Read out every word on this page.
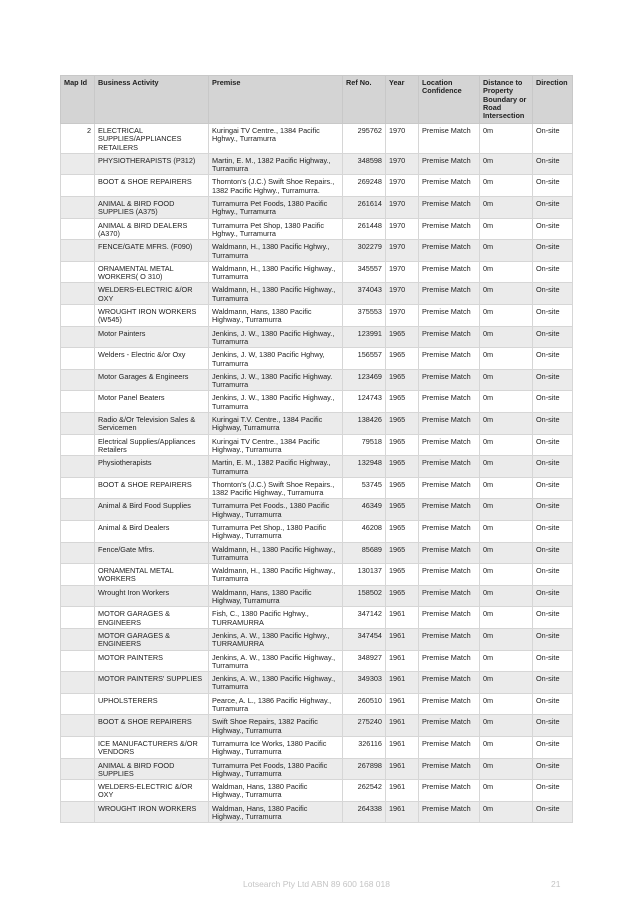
Map Id	Business Activity	Premise	Ref No.	Year	Location Confidence	Distance to Property Boundary or Road Intersection	Direction
2	ELECTRICAL SUPPLIES/APPLIANCES RETAILERS	Kuringai TV Centre., 1384 Pacific Hghwy., Turramurra	295762	1970	Premise Match	0m	On-site
	PHYSIOTHERAPISTS (P312)	Martin, E. M., 1382 Pacific Highway., Turramurra	348598	1970	Premise Match	0m	On-site
	BOOT & SHOE REPAIRERS	Thornton's (J.C.) Swift Shoe Repairs., 1382 Pacific Hghwy., Turramurra.	269248	1970	Premise Match	0m	On-site
	ANIMAL & BIRD FOOD SUPPLIES (A375)	Turramurra Pet Foods, 1380 Pacific Hghwy., Turramurra	261614	1970	Premise Match	0m	On-site
	ANIMAL & BIRD DEALERS (A370)	Turramurra Pet Shop, 1380 Pacific Hghwy., Turramurra	261448	1970	Premise Match	0m	On-site
	FENCE/GATE MFRS. (F090)	Waldmann, H., 1380 Pacific Hghwy., Turramurra	302279	1970	Premise Match	0m	On-site
	ORNAMENTAL METAL WORKERS( O 310)	Waldmann, H., 1380 Pacific Highway., Turramurra	345557	1970	Premise Match	0m	On-site
	WELDERS-ELECTRIC &/OR OXY	Waldmann, H., 1380 Pacific Highway., Turramurra	374043	1970	Premise Match	0m	On-site
	WROUGHT IRON WORKERS (W545)	Waldmann, Hans, 1380 Pacific Highway., Turramurra	375553	1970	Premise Match	0m	On-site
	Motor Painters	Jenkins, J. W., 1380 Pacific Highway., Turramurra	123991	1965	Premise Match	0m	On-site
	Welders - Electric &/or Oxy	Jenkins, J. W, 1380 Pacific Hghwy, Turramurra	156557	1965	Premise Match	0m	On-site
	Motor Garages & Engineers	Jenkins, J. W., 1380 Pacific Highway. Turramurra	123469	1965	Premise Match	0m	On-site
	Motor Panel Beaters	Jenkins, J. W., 1380 Pacific Highway., Turramurra	124743	1965	Premise Match	0m	On-site
	Radio &/Or Television Sales & Servicemen	Kuringai T.V. Centre., 1384 Pacific Highway, Turramurra	138426	1965	Premise Match	0m	On-site
	Electrical Supplies/Appliances Retailers	Kuringai TV Centre., 1384 Pacific Highway., Turramurra	79518	1965	Premise Match	0m	On-site
	Physiotherapists	Martin, E. M., 1382 Pacific Highway., Turramurra	132948	1965	Premise Match	0m	On-site
	BOOT & SHOE REPAIRERS	Thornton's (J.C.) Swift Shoe Repairs., 1382 Pacific Highway., Turramurra	53745	1965	Premise Match	0m	On-site
	Animal & Bird Food Supplies	Turramurra Pet Foods., 1380 Pacific Highway., Turramurra	46349	1965	Premise Match	0m	On-site
	Animal & Bird Dealers	Turramurra Pet Shop., 1380 Pacific Highway., Turramurra	46208	1965	Premise Match	0m	On-site
	Fence/Gate Mfrs.	Waldmann, H., 1380 Pacific Highway., Turramurra	85689	1965	Premise Match	0m	On-site
	ORNAMENTAL METAL WORKERS	Waldmann, H., 1380 Pacific Highway., Turramurra	130137	1965	Premise Match	0m	On-site
	Wrought Iron Workers	Waldmann, Hans, 1380 Pacific Highway, Turramurra	158502	1965	Premise Match	0m	On-site
	MOTOR GARAGES & ENGINEERS	Fish, C., 1380 Pacific Hghwy., TURRAMURRA	347142	1961	Premise Match	0m	On-site
	MOTOR GARAGES & ENGINEERS	Jenkins, A. W., 1380 Pacific Hghwy., TURRAMURRA	347454	1961	Premise Match	0m	On-site
	MOTOR PAINTERS	Jenkins, A. W., 1380 Pacific Highway., Turramurra	348927	1961	Premise Match	0m	On-site
	MOTOR PAINTERS' SUPPLIES	Jenkins, A. W., 1380 Pacific Highway., Turramurra	349303	1961	Premise Match	0m	On-site
	UPHOLSTERERS	Pearce, A. L., 1386 Pacific Highway., Turramurra	260510	1961	Premise Match	0m	On-site
	BOOT & SHOE REPAIRERS	Swift Shoe Repairs, 1382 Pacific Highway., Turramurra	275240	1961	Premise Match	0m	On-site
	ICE MANUFACTURERS &/OR VENDORS	Turramurra Ice Works, 1380 Pacific Highway., Turramurra	326116	1961	Premise Match	0m	On-site
	ANIMAL & BIRD FOOD SUPPLIES	Turramurra Pet Foods, 1380 Pacific Highway., Turramurra	267898	1961	Premise Match	0m	On-site
	WELDERS-ELECTRIC &/OR OXY	Waldman, Hans, 1380 Pacific Highway., Turramurra	262542	1961	Premise Match	0m	On-site
	WROUGHT IRON WORKERS	Waldman, Hans, 1380 Pacific Highway., Turramurra	264338	1961	Premise Match	0m	On-site
Lotsearch Pty Ltd ABN 89 600 168 018	21
